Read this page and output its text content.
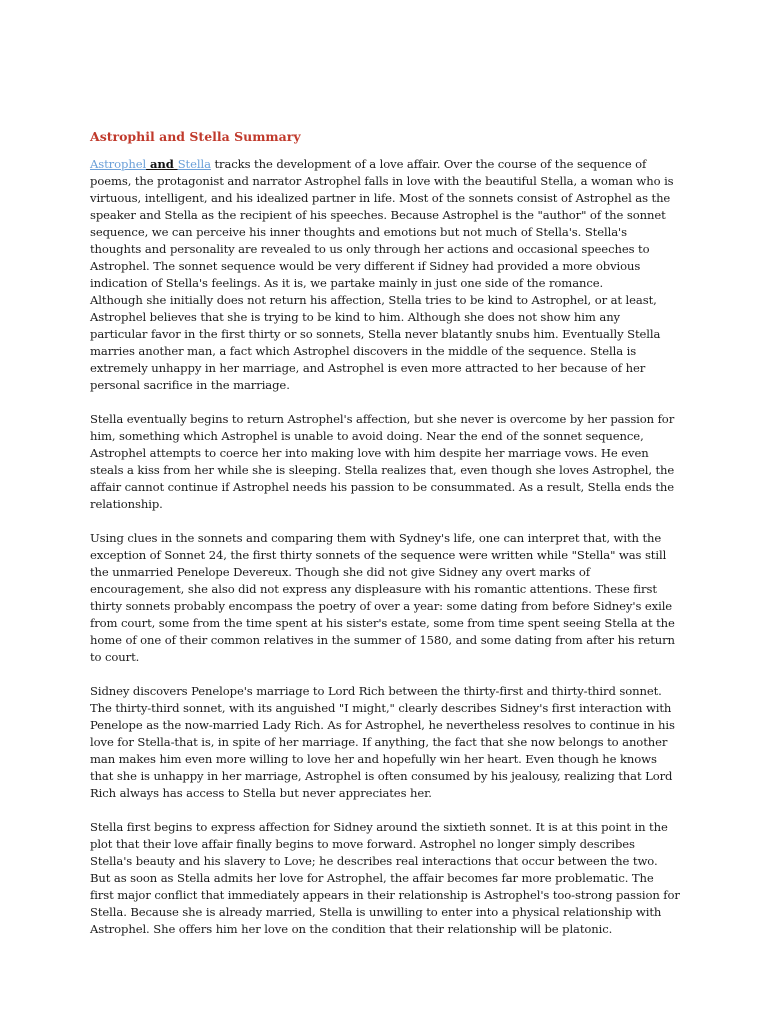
Astrophil and Stella Summary

Astrophel and Stella tracks the development of a love affair. Over the course of the sequence of poems, the protagonist and narrator Astrophel falls in love with the beautiful Stella, a woman who is virtuous, intelligent, and his idealized partner in life. Most of the sonnets consist of Astrophel as the speaker and Stella as the recipient of his speeches. Because Astrophel is the "author" of the sonnet sequence, we can perceive his inner thoughts and emotions but not much of Stella's. Stella's thoughts and personality are revealed to us only through her actions and occasional speeches to Astrophel. The sonnet sequence would be very different if Sidney had provided a more obvious indication of Stella's feelings. As it is, we partake mainly in just one side of the romance.

Although she initially does not return his affection, Stella tries to be kind to Astrophel, or at least, Astrophel believes that she is trying to be kind to him. Although she does not show him any particular favor in the first thirty or so sonnets, Stella never blatantly snubs him. Eventually Stella marries another man, a fact which Astrophel discovers in the middle of the sequence. Stella is extremely unhappy in her marriage, and Astrophel is even more attracted to her because of her personal sacrifice in the marriage.

Stella eventually begins to return Astrophel's affection, but she never is overcome by her passion for him, something which Astrophel is unable to avoid doing. Near the end of the sonnet sequence, Astrophel attempts to coerce her into making love with him despite her marriage vows. He even steals a kiss from her while she is sleeping. Stella realizes that, even though she loves Astrophel, the affair cannot continue if Astrophel needs his passion to be consummated. As a result, Stella ends the relationship.

Using clues in the sonnets and comparing them with Sydney's life, one can interpret that, with the exception of Sonnet 24, the first thirty sonnets of the sequence were written while "Stella" was still the unmarried Penelope Devereux. Though she did not give Sidney any overt marks of encouragement, she also did not express any displeasure with his romantic attentions. These first thirty sonnets probably encompass the poetry of over a year: some dating from before Sidney's exile from court, some from the time spent at his sister's estate, some from time spent seeing Stella at the home of one of their common relatives in the summer of 1580, and some dating from after his return to court.

Sidney discovers Penelope's marriage to Lord Rich between the thirty-first and thirty-third sonnet. The thirty-third sonnet, with its anguished "I might," clearly describes Sidney's first interaction with Penelope as the now-married Lady Rich. As for Astrophel, he nevertheless resolves to continue in his love for Stella-that is, in spite of her marriage. If anything, the fact that she now belongs to another man makes him even more willing to love her and hopefully win her heart. Even though he knows that she is unhappy in her marriage, Astrophel is often consumed by his jealousy, realizing that Lord Rich always has access to Stella but never appreciates her.

Stella first begins to express affection for Sidney around the sixtieth sonnet. It is at this point in the plot that their love affair finally begins to move forward. Astrophel no longer simply describes Stella's beauty and his slavery to Love; he describes real interactions that occur between the two. But as soon as Stella admits her love for Astrophel, the affair becomes far more problematic. The first major conflict that immediately appears in their relationship is Astrophel's too-strong passion for Stella. Because she is already married, Stella is unwilling to enter into a physical relationship with Astrophel. She offers him her love on the condition that their relationship will be platonic.
